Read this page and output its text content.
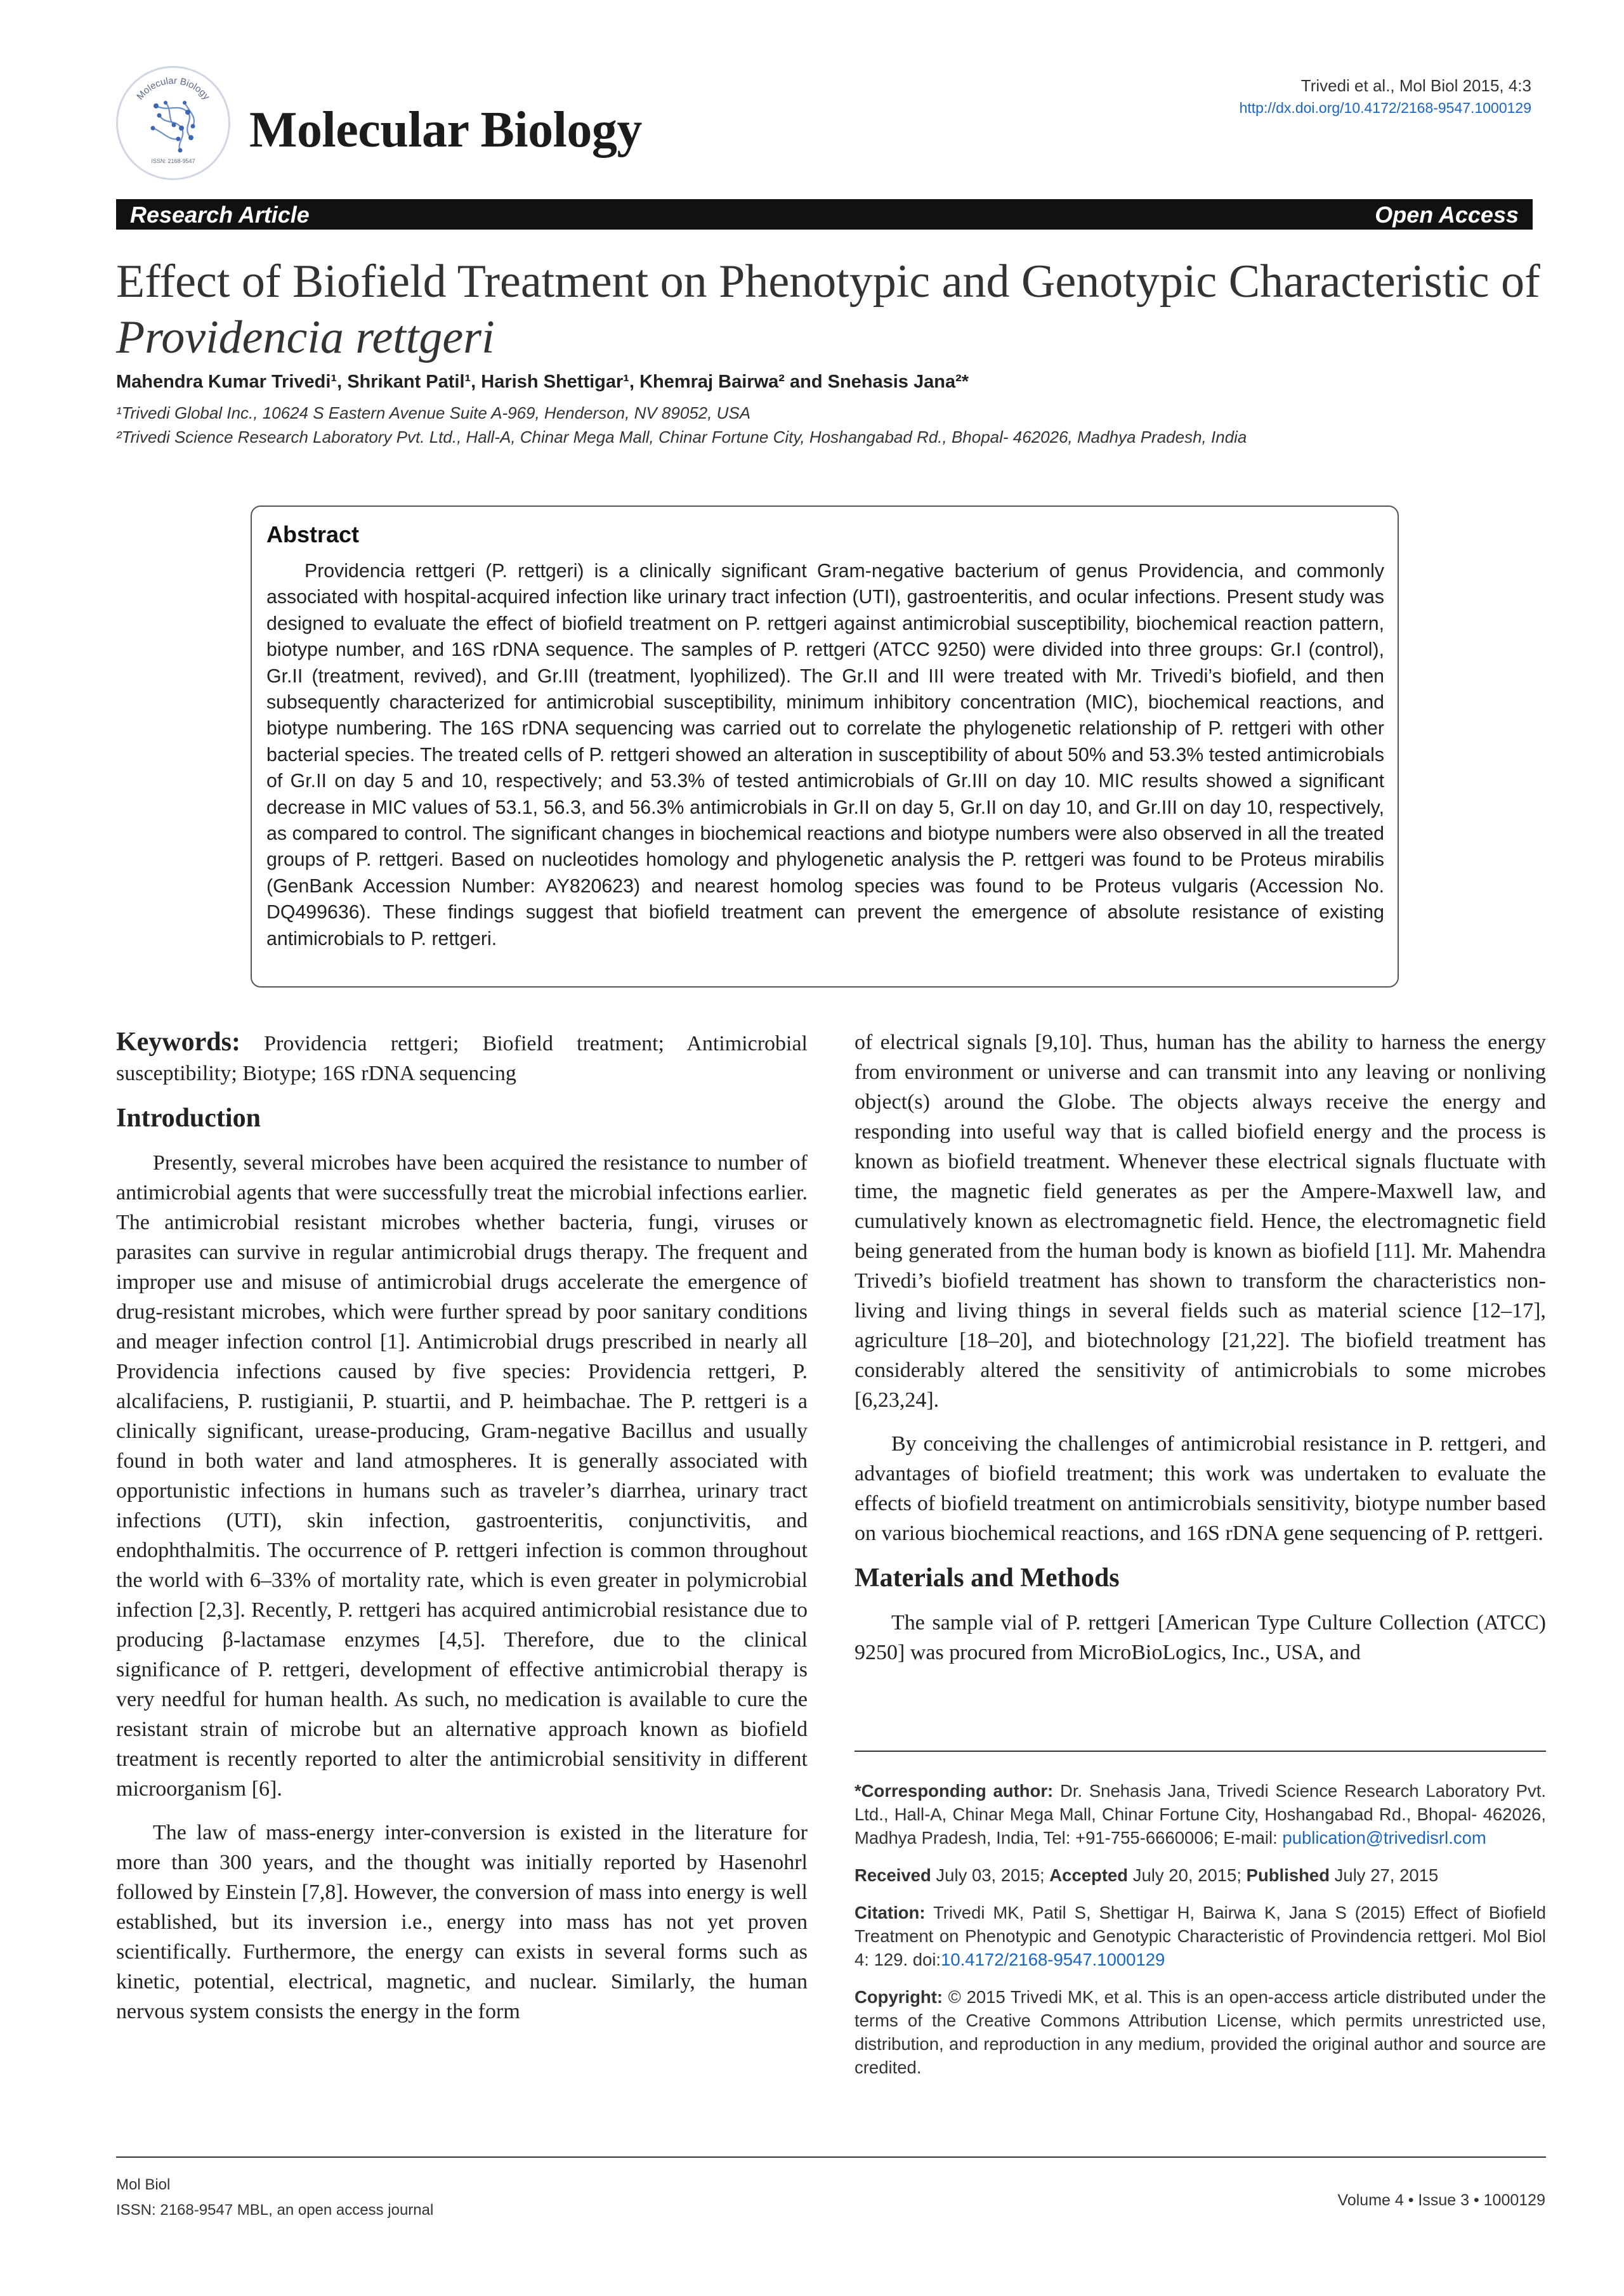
Molecular Biology
ISSN: 2168-9547
Molecular Biology
Trivedi et al., Mol Biol 2015, 4:3
http://dx.doi.org/10.4172/2168-9547.1000129
Research Article	Open Access
Effect of Biofield Treatment on Phenotypic and Genotypic Characteristic of Providencia rettgeri
Mahendra Kumar Trivedi¹, Shrikant Patil¹, Harish Shettigar¹, Khemraj Bairwa² and Snehasis Jana²*
¹Trivedi Global Inc., 10624 S Eastern Avenue Suite A-969, Henderson, NV 89052, USA
²Trivedi Science Research Laboratory Pvt. Ltd., Hall-A, Chinar Mega Mall, Chinar Fortune City, Hoshangabad Rd., Bhopal- 462026, Madhya Pradesh, India
Abstract
Providencia rettgeri (P. rettgeri) is a clinically significant Gram-negative bacterium of genus Providencia, and commonly associated with hospital-acquired infection like urinary tract infection (UTI), gastroenteritis, and ocular infections. Present study was designed to evaluate the effect of biofield treatment on P. rettgeri against antimicrobial susceptibility, biochemical reaction pattern, biotype number, and 16S rDNA sequence. The samples of P. rettgeri (ATCC 9250) were divided into three groups: Gr.I (control), Gr.II (treatment, revived), and Gr.III (treatment, lyophilized). The Gr.II and III were treated with Mr. Trivedi’s biofield, and then subsequently characterized for antimicrobial susceptibility, minimum inhibitory concentration (MIC), biochemical reactions, and biotype numbering. The 16S rDNA sequencing was carried out to correlate the phylogenetic relationship of P. rettgeri with other bacterial species. The treated cells of P. rettgeri showed an alteration in susceptibility of about 50% and 53.3% tested antimicrobials of Gr.II on day 5 and 10, respectively; and 53.3% of tested antimicrobials of Gr.III on day 10. MIC results showed a significant decrease in MIC values of 53.1, 56.3, and 56.3% antimicrobials in Gr.II on day 5, Gr.II on day 10, and Gr.III on day 10, respectively, as compared to control. The significant changes in biochemical reactions and biotype numbers were also observed in all the treated groups of P. rettgeri. Based on nucleotides homology and phylogenetic analysis the P. rettgeri was found to be Proteus mirabilis (GenBank Accession Number: AY820623) and nearest homolog species was found to be Proteus vulgaris (Accession No. DQ499636). These findings suggest that biofield treatment can prevent the emergence of absolute resistance of existing antimicrobials to P. rettgeri.

Keywords: Providencia rettgeri; Biofield treatment; Antimicrobial susceptibility; Biotype; 16S rDNA sequencing

Introduction

Presently, several microbes have been acquired the resistance to number of antimicrobial agents that were successfully treat the microbial infections earlier. The antimicrobial resistant microbes whether bacteria, fungi, viruses or parasites can survive in regular antimicrobial drugs therapy. The frequent and improper use and misuse of antimicrobial drugs accelerate the emergence of drug-resistant microbes, which were further spread by poor sanitary conditions and meager infection control [1]. Antimicrobial drugs prescribed in nearly all Providencia infections caused by five species: Providencia rettgeri, P. alcalifaciens, P. rustigianii, P. stuartii, and P. heimbachae. The P. rettgeri is a clinically significant, urease-producing, Gram-negative Bacillus and usually found in both water and land atmospheres. It is generally associated with opportunistic infections in humans such as traveler’s diarrhea, urinary tract infections (UTI), skin infection, gastroenteritis, conjunctivitis, and endophthalmitis. The occurrence of P. rettgeri infection is common throughout the world with 6–33% of mortality rate, which is even greater in polymicrobial infection [2,3]. Recently, P. rettgeri has acquired antimicrobial resistance due to producing β-lactamase enzymes [4,5]. Therefore, due to the clinical significance of P. rettgeri, development of effective antimicrobial therapy is very needful for human health. As such, no medication is available to cure the resistant strain of microbe but an alternative approach known as biofield treatment is recently reported to alter the antimicrobial sensitivity in different microorganism [6].

The law of mass-energy inter-conversion is existed in the literature for more than 300 years, and the thought was initially reported by Hasenohrl followed by Einstein [7,8]. However, the conversion of mass into energy is well established, but its inversion i.e., energy into mass has not yet proven scientifically. Furthermore, the energy can exists in several forms such as kinetic, potential, electrical, magnetic, and nuclear. Similarly, the human nervous system consists the energy in the form

of electrical signals [9,10]. Thus, human has the ability to harness the energy from environment or universe and can transmit into any leaving or nonliving object(s) around the Globe. The objects always receive the energy and responding into useful way that is called biofield energy and the process is known as biofield treatment. Whenever these electrical signals fluctuate with time, the magnetic field generates as per the Ampere-Maxwell law, and cumulatively known as electromagnetic field. Hence, the electromagnetic field being generated from the human body is known as biofield [11]. Mr. Mahendra Trivedi’s biofield treatment has shown to transform the characteristics non-living and living things in several fields such as material science [12–17], agriculture [18–20], and biotechnology [21,22]. The biofield treatment has considerably altered the sensitivity of antimicrobials to some microbes [6,23,24].

By conceiving the challenges of antimicrobial resistance in P. rettgeri, and advantages of biofield treatment; this work was undertaken to evaluate the effects of biofield treatment on antimicrobials sensitivity, biotype number based on various biochemical reactions, and 16S rDNA gene sequencing of P. rettgeri.

Materials and Methods

The sample vial of P. rettgeri [American Type Culture Collection (ATCC) 9250] was procured from MicroBioLogics, Inc., USA, and

*Corresponding author: Dr. Snehasis Jana, Trivedi Science Research Laboratory Pvt. Ltd., Hall-A, Chinar Mega Mall, Chinar Fortune City, Hoshangabad Rd., Bhopal- 462026, Madhya Pradesh, India, Tel: +91-755-6660006; E-mail: publication@trivedisrl.com

Received July 03, 2015; Accepted July 20, 2015; Published July 27, 2015

Citation: Trivedi MK, Patil S, Shettigar H, Bairwa K, Jana S (2015) Effect of Biofield Treatment on Phenotypic and Genotypic Characteristic of Provindencia rettgeri. Mol Biol 4: 129. doi:10.4172/2168-9547.1000129

Copyright: © 2015 Trivedi MK, et al. This is an open-access article distributed under the terms of the Creative Commons Attribution License, which permits unrestricted use, distribution, and reproduction in any medium, provided the original author and source are credited.

Mol Biol
ISSN: 2168-9547 MBL, an open access journal
Volume 4 • Issue 3 • 1000129
